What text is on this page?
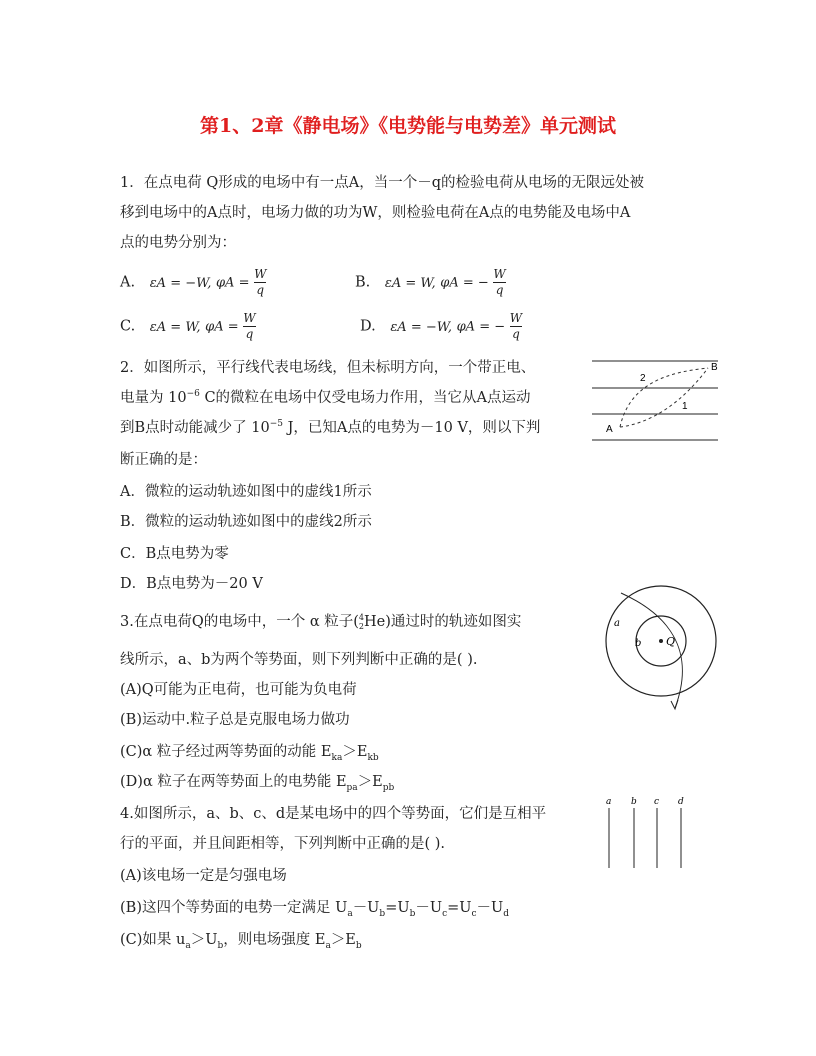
第1、2章《静电场》《电势能与电势差》单元测试
1．在点电荷 Q形成的电场中有一点A，当一个－q的检验电荷从电场的无限远处被
移到电场中的A点时，电场力做的功为W，则检验电荷在A点的电势能及电场中A
点的电势分别为：
A. εA = −W, $\varphi A = \frac{W}{q}$	B. εA = W, φA = − $\frac{W}{q}$
C. εA = W, $\varphi A = \frac{W}{q}$	D. εA = −W, φA = − $\frac{W}{q}$
2．如图所示，平行线代表电场线，但未标明方向，一个带正电、
电量为 $10^{-6}$ C的微粒在电场中仅受电场力作用，当它从A点运动
到B点时动能减少了 $10^{-5}$ J，已知A点的电势为－10 V，则以下判
断正确的是：
A．微粒的运动轨迹如图中的虚线1所示
B．微粒的运动轨迹如图中的虚线2所示
C．B点电势为零
D．B点电势为－20 V
A
B
1
2
3.在点电荷Q的电场中，一个 α 粒子( 4
2 He)通过时的轨迹如图实
线所示，a、b为两个等势面，则下列判断中正确的是( ).
(A)Q可能为正电荷，也可能为负电荷
(B)运动中.粒子总是克服电场力做功
(C)α 粒子经过两等势面的动能 $E_{ka}>E_{kb}$
(D)α 粒子在两等势面上的电势能 $E_{pa}>E_{pb}$
a
b Q
4.如图所示，a、b、c、d是某电场中的四个等势面，它们是互相平
行的平面，并且间距相等，下列判断中正确的是( ).
(A)该电场一定是匀强电场
(B)这四个等势面的电势一定满足 $U_a-U_b=U_b-U_c=U_c-U_d$
(C)如果 $u_a>U_b$，则电场强度 $E_a>E_b$
a b c d
